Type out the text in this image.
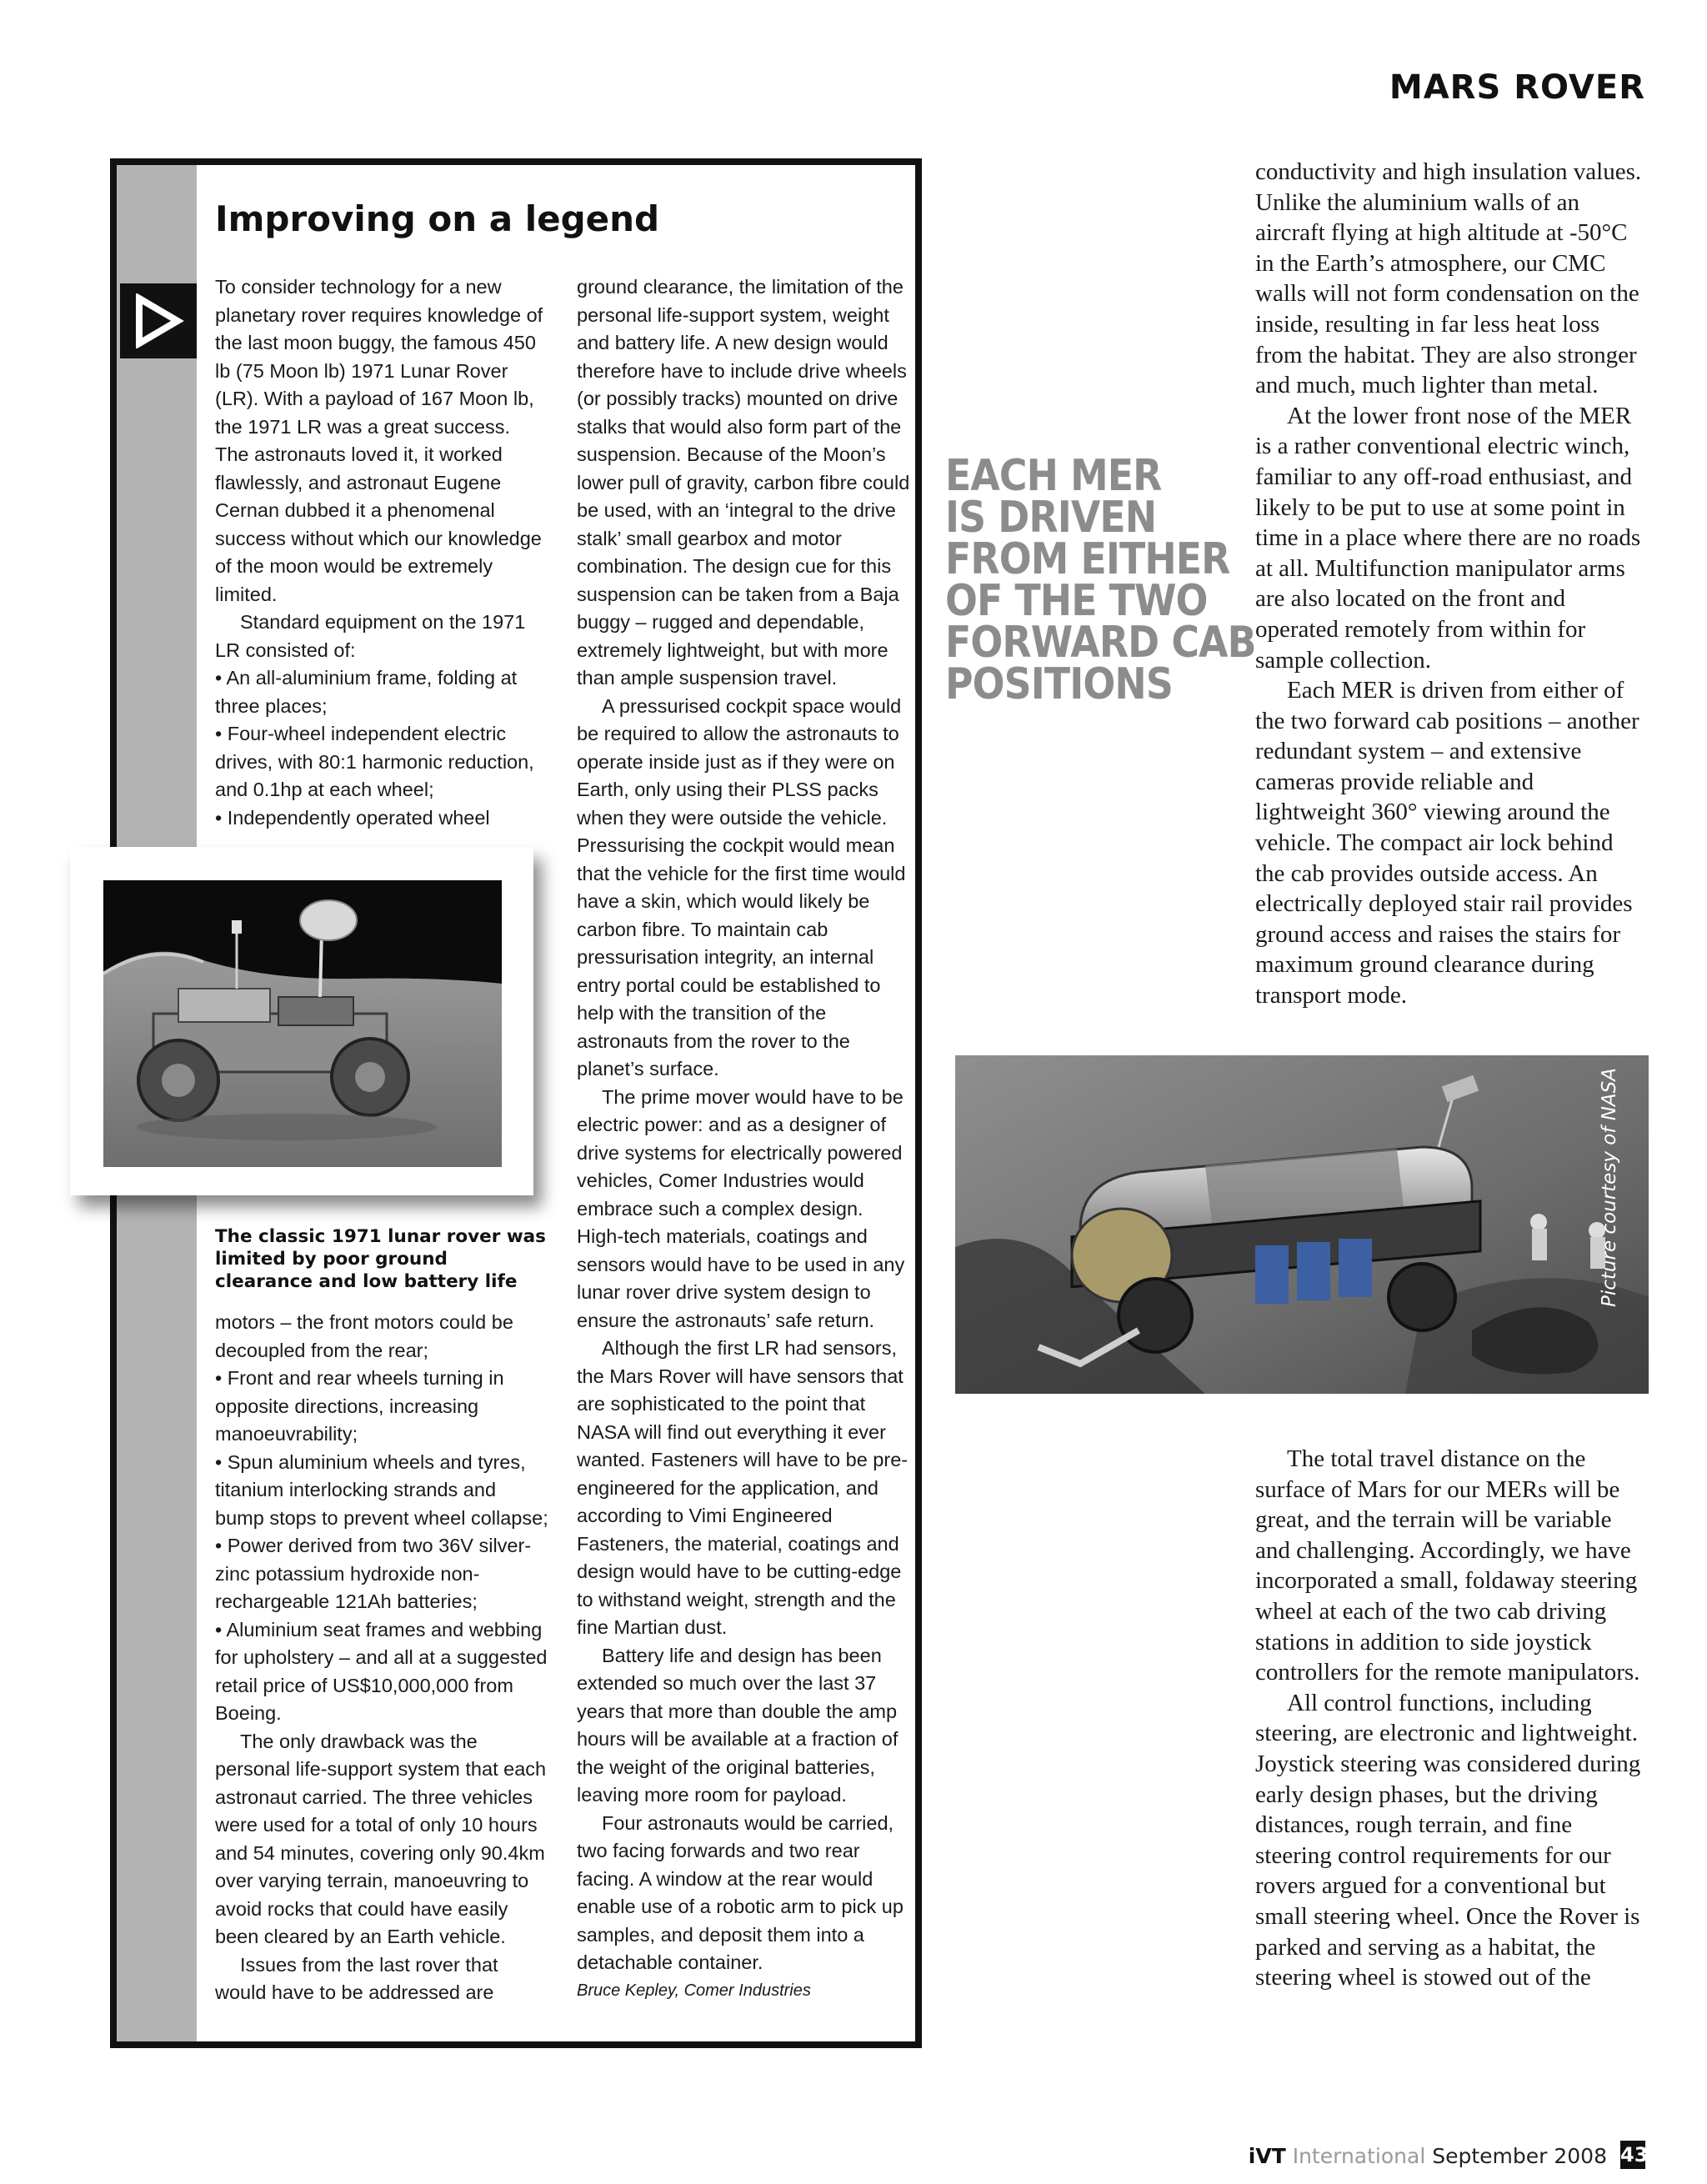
MARS ROVER
Improving on a legend

To consider technology for a new planetary rover requires knowledge of the last moon buggy, the famous 450 lb (75 Moon lb) 1971 Lunar Rover (LR). With a payload of 167 Moon lb, the 1971 LR was a great success. The astronauts loved it, it worked flawlessly, and astronaut Eugene Cernan dubbed it a phenomenal success without which our knowledge of the moon would be extremely limited.

Standard equipment on the 1971 LR consisted of:

• An all-aluminium frame, folding at three places;

• Four-wheel independent electric drives, with 80:1 harmonic reduction, and 0.1hp at each wheel;

• Independently operated wheel

The classic 1971 lunar rover was limited by poor ground clearance and low battery life

motors – the front motors could be decoupled from the rear;

• Front and rear wheels turning in opposite directions, increasing manoeuvrability;

• Spun aluminium wheels and tyres, titanium interlocking strands and bump stops to prevent wheel collapse;

• Power derived from two 36V silver-zinc potassium hydroxide non-rechargeable 121Ah batteries;

• Aluminium seat frames and webbing for upholstery – and all at a suggested retail price of US$10,000,000 from Boeing.

The only drawback was the personal life-support system that each astronaut carried. The three vehicles were used for a total of only 10 hours and 54 minutes, covering only 90.4km over varying terrain, manoeuvring to avoid rocks that could have easily been cleared by an Earth vehicle.

Issues from the last rover that would have to be addressed are

ground clearance, the limitation of the personal life-support system, weight and battery life. A new design would therefore have to include drive wheels (or possibly tracks) mounted on drive stalks that would also form part of the suspension. Because of the Moon’s lower pull of gravity, carbon fibre could be used, with an ‘integral to the drive stalk’ small gearbox and motor combination. The design cue for this suspension can be taken from a Baja buggy – rugged and dependable, extremely lightweight, but with more than ample suspension travel.

A pressurised cockpit space would be required to allow the astronauts to operate inside just as if they were on Earth, only using their PLSS packs when they were outside the vehicle. Pressurising the cockpit would mean that the vehicle for the first time would have a skin, which would likely be carbon fibre. To maintain cab pressurisation integrity, an internal entry portal could be established to help with the transition of the astronauts from the rover to the planet’s surface.

The prime mover would have to be electric power: and as a designer of drive systems for electrically powered vehicles, Comer Industries would embrace such a complex design. High-tech materials, coatings and sensors would have to be used in any lunar rover drive system design to ensure the astronauts’ safe return.

Although the first LR had sensors, the Mars Rover will have sensors that are sophisticated to the point that NASA will find out everything it ever wanted. Fasteners will have to be pre-engineered for the application, and according to Vimi Engineered Fasteners, the material, coatings and design would have to be cutting-edge to withstand weight, strength and the fine Martian dust.

Battery life and design has been extended so much over the last 37 years that more than double the amp hours will be available at a fraction of the weight of the original batteries, leaving more room for payload.

Four astronauts would be carried, two facing forwards and two rear facing. A window at the rear would enable use of a robotic arm to pick up samples, and deposit them into a detachable container.

Bruce Kepley, Comer Industries

EACH MER
IS DRIVEN
FROM EITHER
OF THE TWO
FORWARD CAB
POSITIONS

conductivity and high insulation values. Unlike the aluminium walls of an aircraft flying at high altitude at -50°C in the Earth’s atmosphere, our CMC walls will not form condensation on the inside, resulting in far less heat loss from the habitat. They are also stronger and much, much lighter than metal.

At the lower front nose of the MER is a rather conventional electric winch, familiar to any off-road enthusiast, and likely to be put to use at some point in time in a place where there are no roads at all. Multifunction manipulator arms are also located on the front and operated remotely from within for sample collection.

Each MER is driven from either of the two forward cab positions – another redundant system – and extensive cameras provide reliable and lightweight 360° viewing around the vehicle. The compact air lock behind the cab provides outside access. An electrically deployed stair rail provides ground access and raises the stairs for maximum ground clearance during transport mode.

Picture courtesy of NASA

The total travel distance on the surface of Mars for our MERs will be great, and the terrain will be variable and challenging. Accordingly, we have incorporated a small, foldaway steering wheel at each of the two cab driving stations in addition to side joystick controllers for the remote manipulators.

All control functions, including steering, are electronic and lightweight. Joystick steering was considered during early design phases, but the driving distances, rough terrain, and fine steering control requirements for our rovers argued for a conventional but small steering wheel. Once the Rover is parked and serving as a habitat, the steering wheel is stowed out of the

iVT International September 2008 43
